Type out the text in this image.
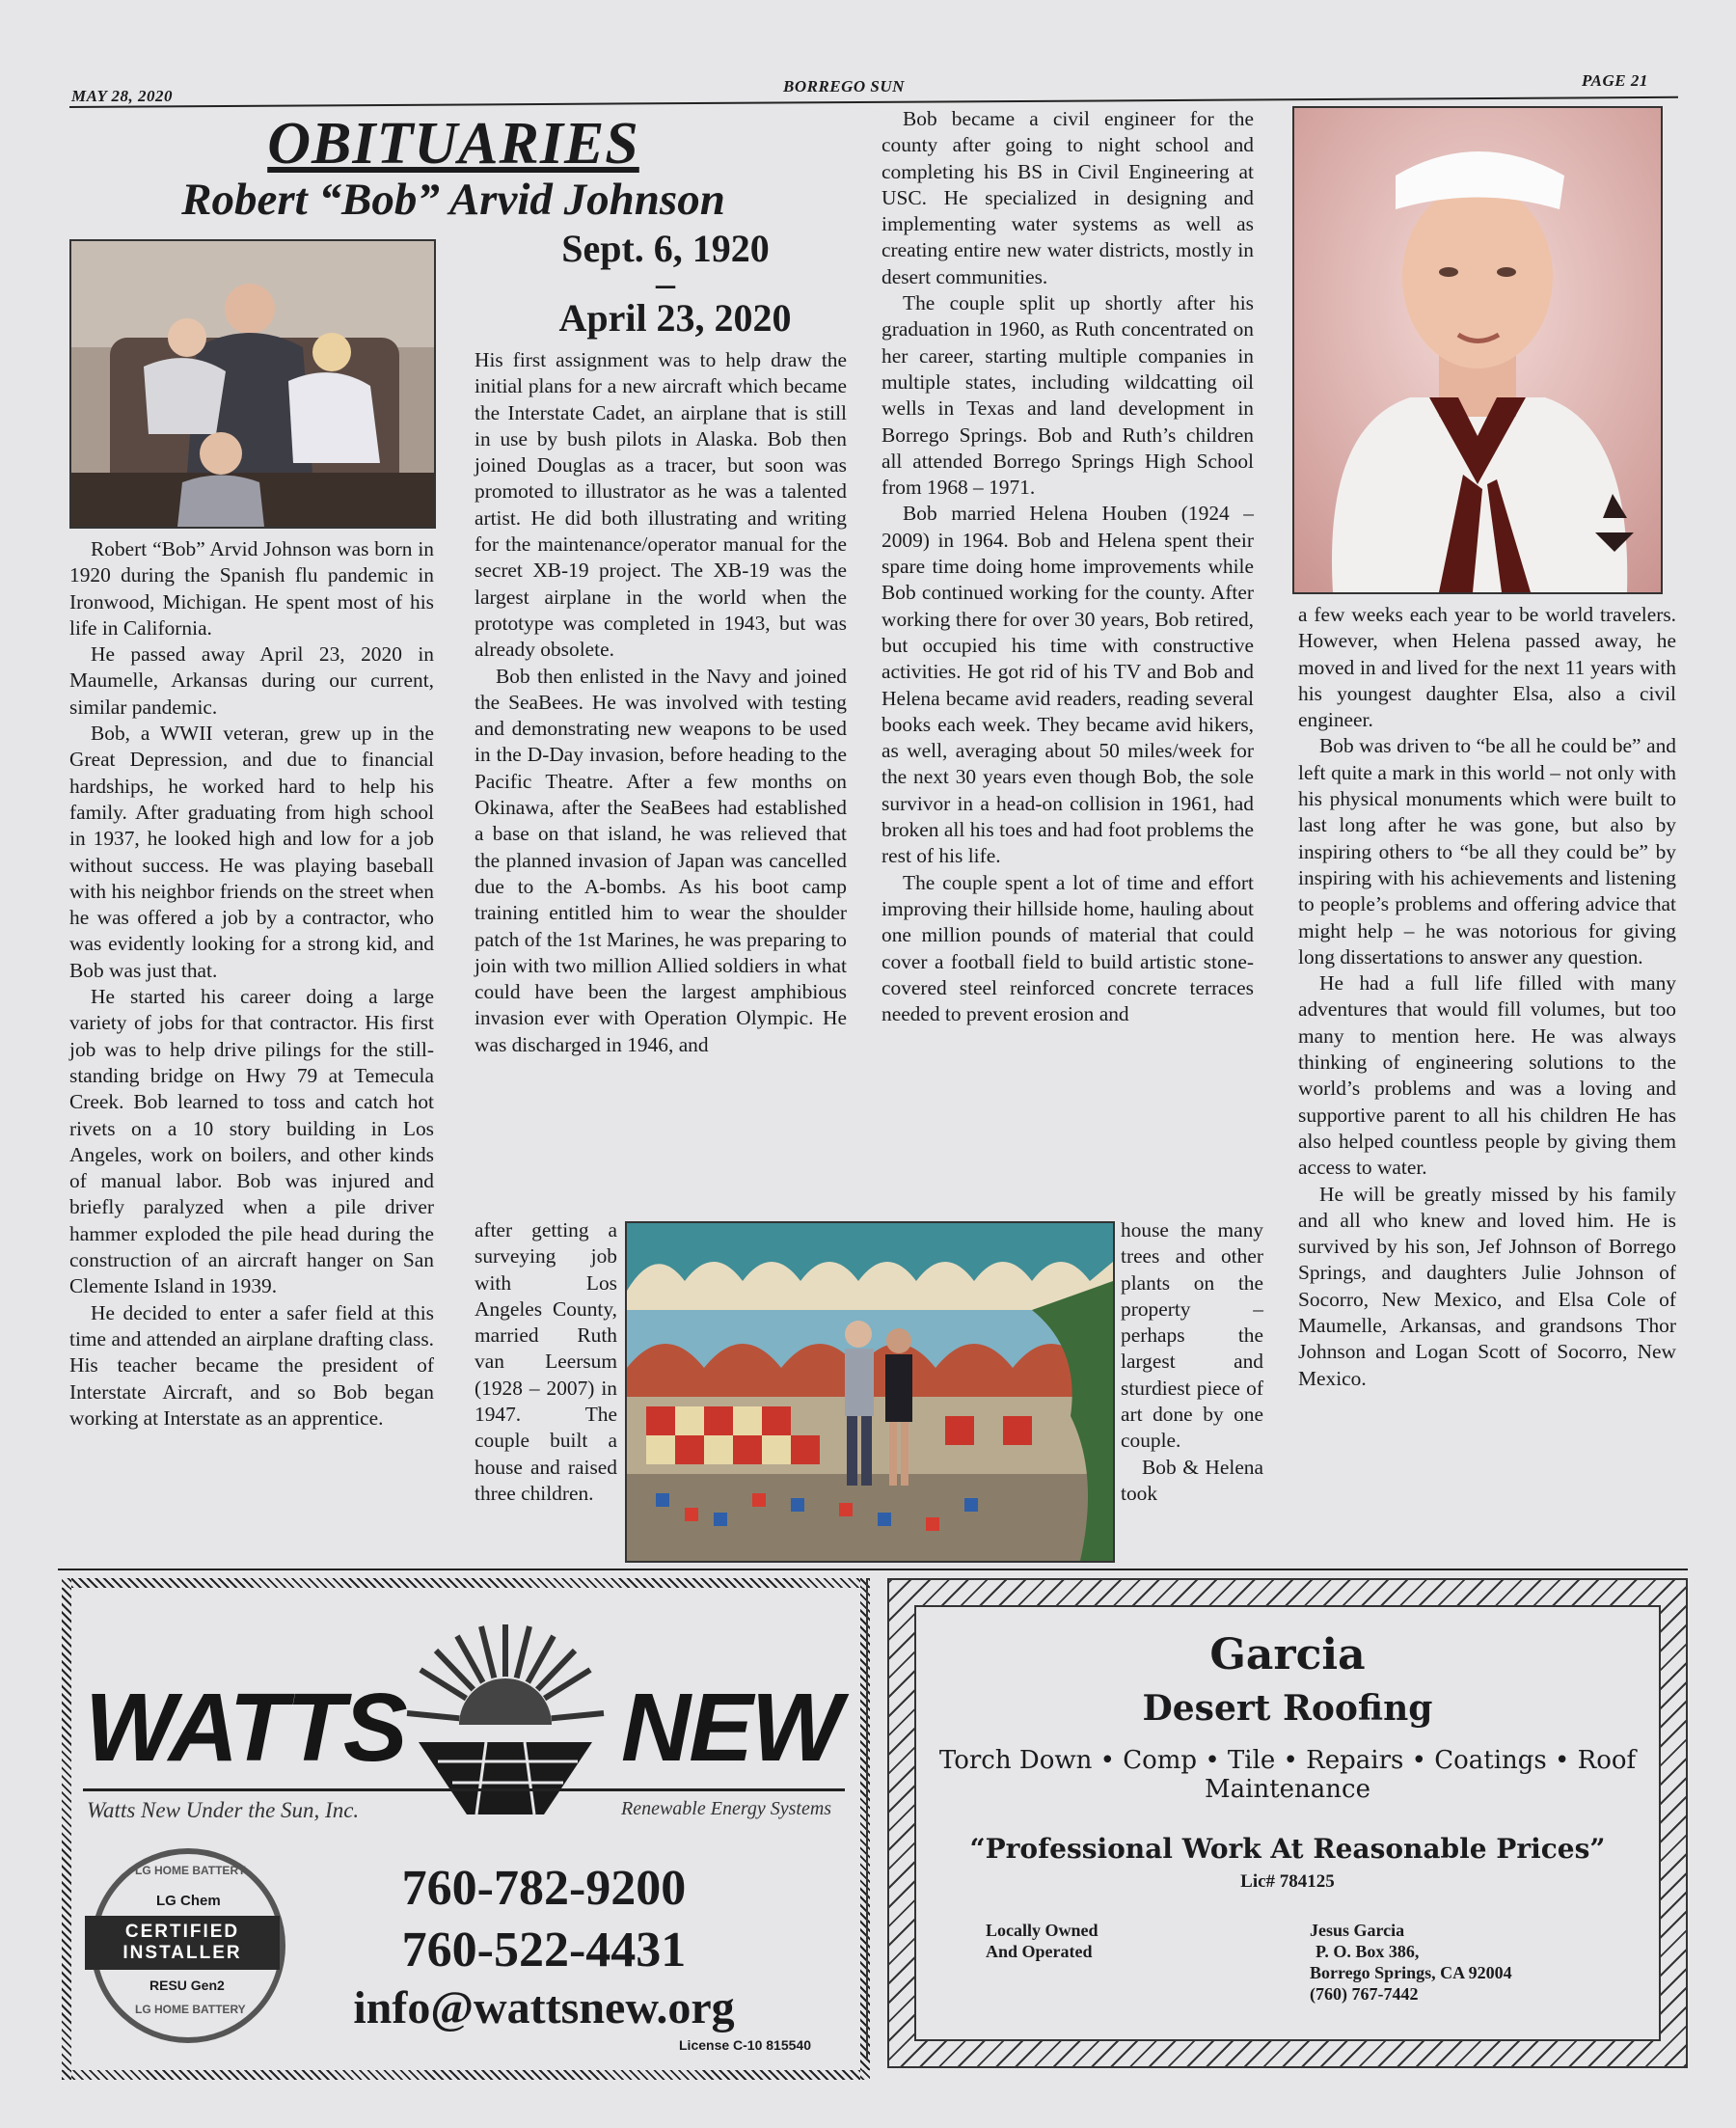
MAY 28, 2020
BORREGO SUN	PAGE 21
OBITUARIES
Robert “Bob” Arvid Johnson
Sept. 6, 1920
–
April 23, 2020

Robert “Bob” Arvid Johnson was born in 1920 during the Spanish flu pandemic in Ironwood, Michigan. He spent most of his life in California.

He passed away April 23, 2020 in Maumelle, Arkansas during our current, similar pandemic.

Bob, a WWII veteran, grew up in the Great Depression, and due to financial hardships, he worked hard to help his family. After graduating from high school in 1937, he looked high and low for a job without success. He was playing baseball with his neighbor friends on the street when he was offered a job by a contractor, who was evidently looking for a strong kid, and Bob was just that.

He started his career doing a large variety of jobs for that contractor. His first job was to help drive pilings for the still-standing bridge on Hwy 79 at Temecula Creek. Bob learned to toss and catch hot rivets on a 10 story building in Los Angeles, work on boilers, and other kinds of manual labor. Bob was injured and briefly paralyzed when a pile driver hammer exploded the pile head during the construction of an aircraft hanger on San Clemente Island in 1939.

He decided to enter a safer field at this time and attended an airplane drafting class. His teacher became the president of Interstate Aircraft, and so Bob began working at Interstate as an apprentice.

His first assignment was to help draw the initial plans for a new aircraft which became the Interstate Cadet, an airplane that is still in use by bush pilots in Alaska. Bob then joined Douglas as a tracer, but soon was promoted to illustrator as he was a talented artist. He did both illustrating and writing for the maintenance/operator manual for the secret XB-19 project. The XB-19 was the largest airplane in the world when the prototype was completed in 1943, but was already obsolete.

Bob then enlisted in the Navy and joined the SeaBees. He was involved with testing and demonstrating new weapons to be used in the D-Day invasion, before heading to the Pacific Theatre. After a few months on Okinawa, after the SeaBees had established a base on that island, he was relieved that the planned invasion of Japan was cancelled due to the A-bombs. As his boot camp training entitled him to wear the shoulder patch of the 1st Marines, he was preparing to join with two million Allied soldiers in what could have been the largest amphibious invasion ever with Operation Olympic. He was discharged in 1946, and

after getting a surveying job with Los Angeles County, married Ruth van Leersum (1928 – 2007) in 1947. The couple built a house and raised three children.

Bob became a civil engineer for the county after going to night school and completing his BS in Civil Engineering at USC. He specialized in designing and implementing water systems as well as creating entire new water districts, mostly in desert communities.

The couple split up shortly after his graduation in 1960, as Ruth concentrated on her career, starting multiple companies in multiple states, including wildcatting oil wells in Texas and land development in Borrego Springs. Bob and Ruth’s children all attended Borrego Springs High School from 1968 – 1971.

Bob married Helena Houben (1924 – 2009) in 1964. Bob and Helena spent their spare time doing home improvements while Bob continued working for the county. After working there for over 30 years, Bob retired, but occupied his time with constructive activities. He got rid of his TV and Bob and Helena became avid readers, reading several books each week. They became avid hikers, as well, averaging about 50 miles/week for the next 30 years even though Bob, the sole survivor in a head-on collision in 1961, had broken all his toes and had foot problems the rest of his life.

The couple spent a lot of time and effort improving their hillside home, hauling about one million pounds of material that could cover a football field to build artistic stone-covered steel reinforced concrete terraces needed to prevent erosion and

house the many trees and other plants on the property – perhaps the largest and sturdiest piece of art done by one couple.

Bob & Helena took

a few weeks each year to be world travelers. However, when Helena passed away, he moved in and lived for the next 11 years with his youngest daughter Elsa, also a civil engineer.

Bob was driven to “be all he could be” and left quite a mark in this world – not only with his physical monuments which were built to last long after he was gone, but also by inspiring others to “be all they could be” by inspiring with his achievements and listening to people’s problems and offering advice that might help – he was notorious for giving long dissertations to answer any question.

He had a full life filled with many adventures that would fill volumes, but too many to mention here. He was always thinking of engineering solutions to the world’s problems and was a loving and supportive parent to all his children He has also helped countless people by giving them access to water.

He will be greatly missed by his family and all who knew and loved him. He is survived by his son, Jef Johnson of Borrego Springs, and daughters Julie Johnson of Socorro, New Mexico, and Elsa Cole of Maumelle, Arkansas, and grandsons Thor Johnson and Logan Scott of Socorro, New Mexico.

WATTS NEW
Watts New Under the Sun, Inc.	Renewable Energy Systems
LG HOME BATTERY
LG Chem
CERTIFIED
INSTALLER
RESU Gen2
LG HOME BATTERY
760-782-9200
760-522-4431
info@wattsnew.org
License C-10 815540
Garcia
Desert Roofing
Torch Down • Comp • Tile • Repairs • Coatings • Roof Maintenance
“Professional Work At Reasonable Prices”
Lic# 784125
Locally Owned
And Operated
Jesus Garcia
P. O. Box 386,
Borrego Springs, CA 92004
(760) 767-7442
